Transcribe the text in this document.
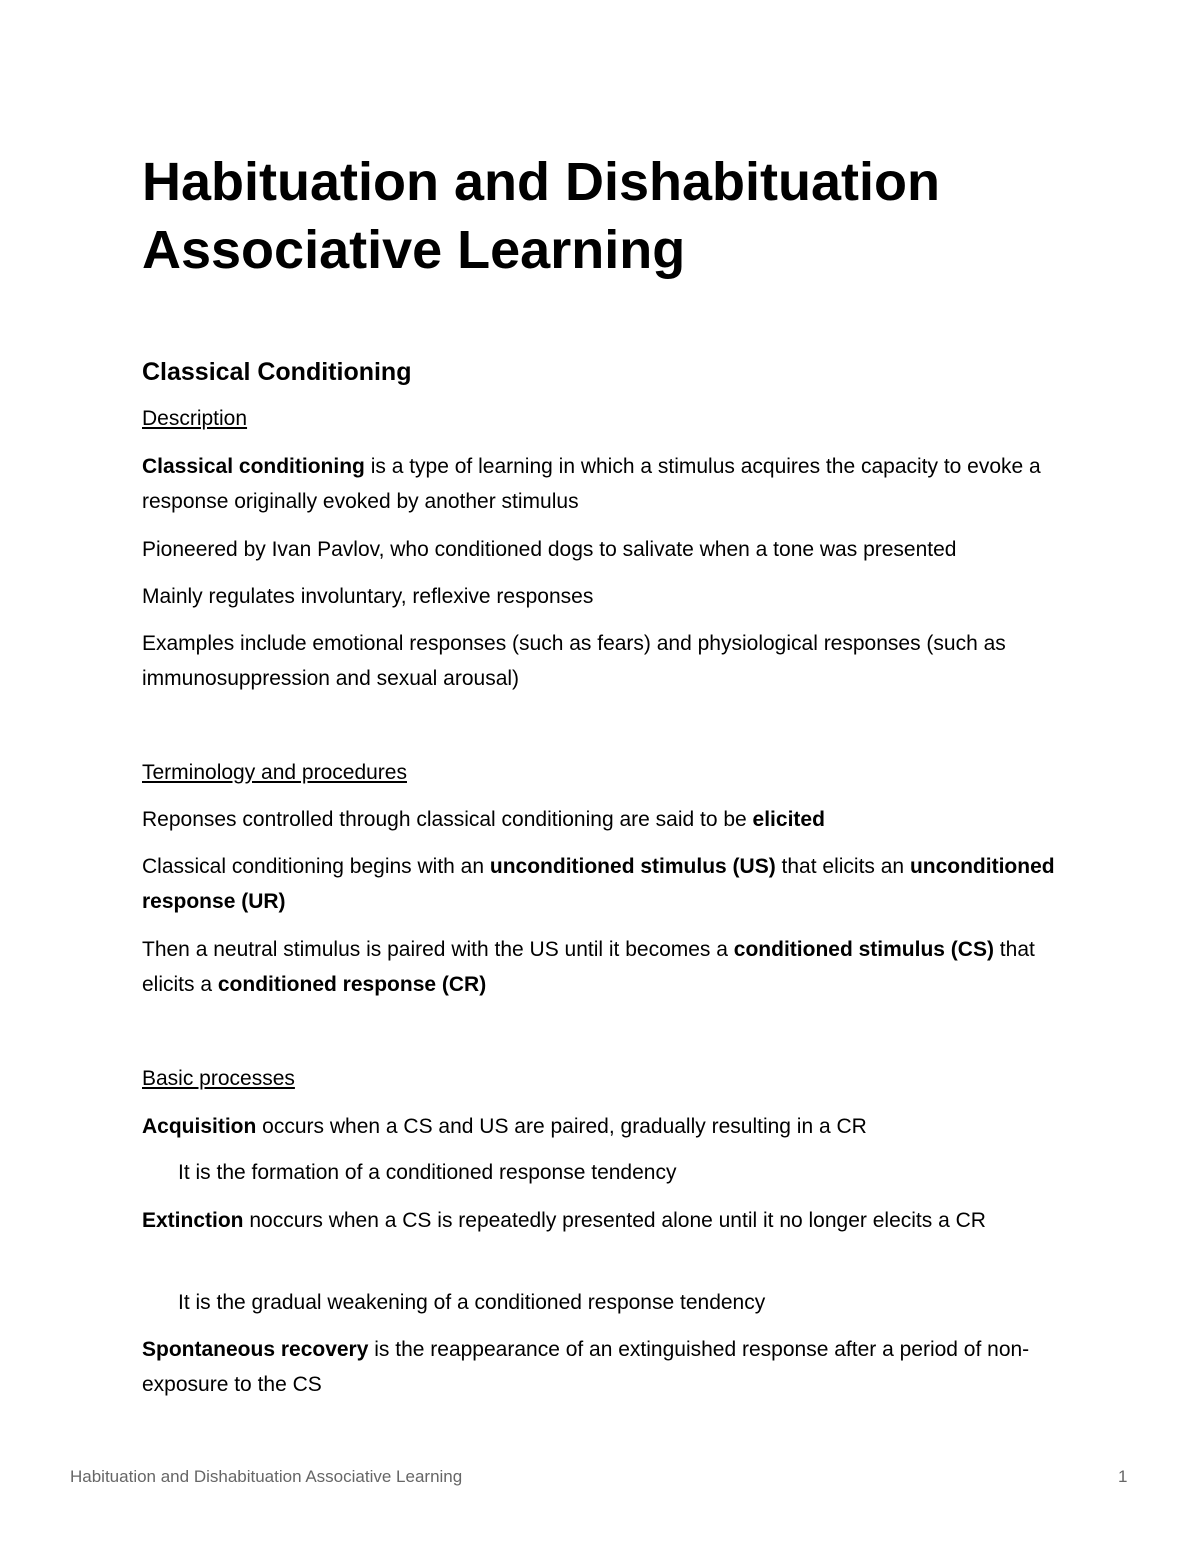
Habituation and Dishabituation
Associative Learning
Classical Conditioning
Description

Classical conditioning is a type of learning in which a stimulus acquires the capacity to evoke a response originally evoked by another stimulus

Pioneered by Ivan Pavlov, who conditioned dogs to salivate when a tone was presented

Mainly regulates involuntary, reflexive responses

Examples include emotional responses (such as fears) and physiological responses (such as immunosuppression and sexual arousal)

Terminology and procedures

Reponses controlled through classical conditioning are said to be elicited

Classical conditioning begins with an unconditioned stimulus (US) that elicits an unconditioned response (UR)

Then a neutral stimulus is paired with the US until it becomes a conditioned stimulus (CS) that elicits a conditioned response (CR)

Basic processes

Acquisition occurs when a CS and US are paired, gradually resulting in a CR

It is the formation of a conditioned response tendency

Extinction noccurs when a CS is repeatedly presented alone until it no longer elecits a CR

It is the gradual weakening of a conditioned response tendency

Spontaneous recovery is the reappearance of an extinguished response after a period of non-exposure to the CS

Habituation and Dishabituation Associative Learning	1
